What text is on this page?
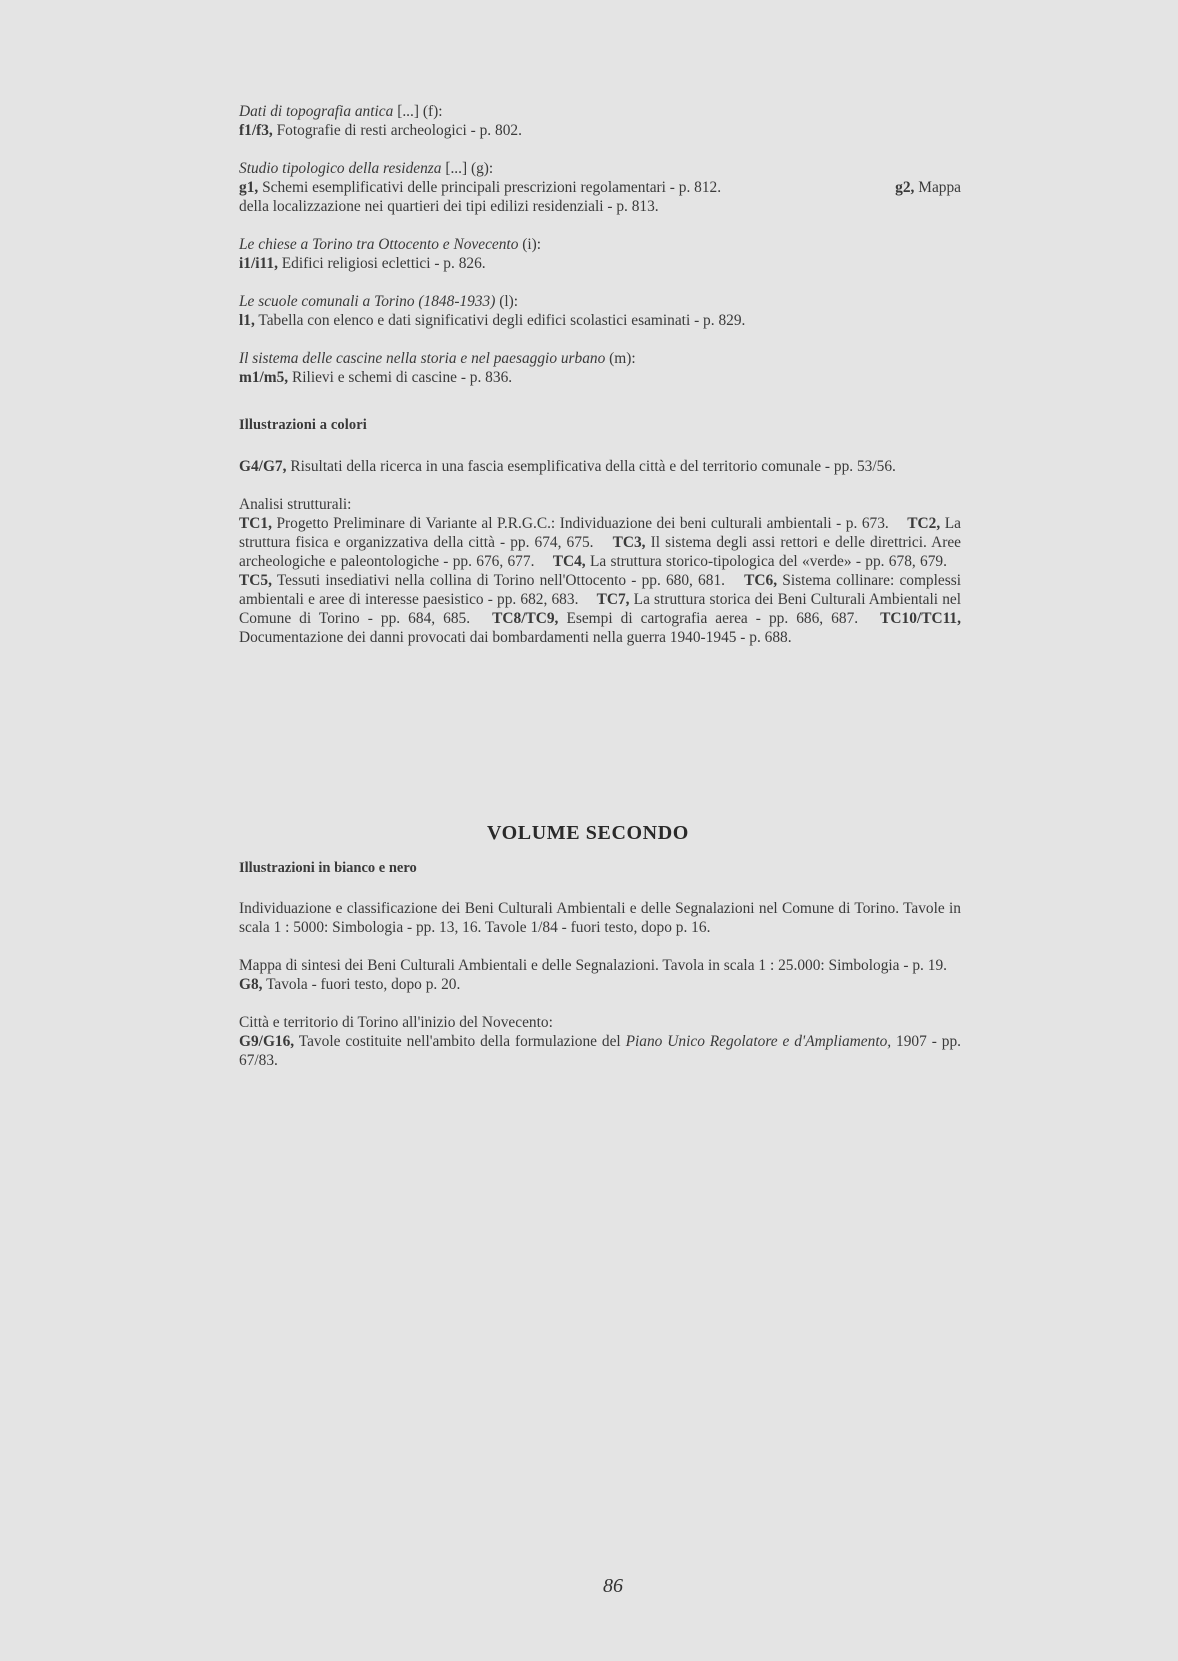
Dati di topografia antica [...] (f):

f1/f3, Fotografie di resti archeologici - p. 802.

Studio tipologico della residenza [...] (g):

g2, Mappa
g1, Schemi esemplificativi delle principali prescrizioni regolamentari - p. 812.

della localizzazione nei quartieri dei tipi edilizi residenziali - p. 813.

Le chiese a Torino tra Ottocento e Novecento (i):

i1/i11, Edifici religiosi eclettici - p. 826.

Le scuole comunali a Torino (1848-1933) (l):

l1, Tabella con elenco e dati significativi degli edifici scolastici esaminati - p. 829.

Il sistema delle cascine nella storia e nel paesaggio urbano (m):

m1/m5, Rilievi e schemi di cascine - p. 836.

Illustrazioni a colori

G4/G7, Risultati della ricerca in una fascia esemplificativa della città e del territorio comunale - pp. 53/56.

Analisi strutturali:

TC1, Progetto Preliminare di Variante al P.R.G.C.: Individuazione dei beni culturali ambientali - p. 673. TC2, La struttura fisica e organizzativa della città - pp. 674, 675. TC3, Il sistema degli assi rettori e delle direttrici. Aree archeologiche e paleontologiche - pp. 676, 677. TC4, La struttura storico-tipologica del «verde» - pp. 678, 679. TC5, Tessuti insediativi nella collina di Torino nell'Ottocento - pp. 680, 681. TC6, Sistema collinare: complessi ambientali e aree di interesse paesistico - pp. 682, 683. TC7, La struttura storica dei Beni Culturali Ambientali nel Comune di Torino - pp. 684, 685. TC8/TC9, Esempi di cartografia aerea - pp. 686, 687. TC10/TC11, Documentazione dei danni provocati dai bombardamenti nella guerra 1940-1945 - p. 688.

VOLUME SECONDO
Illustrazioni in bianco e nero

Individuazione e classificazione dei Beni Culturali Ambientali e delle Segnalazioni nel Comune di Torino. Tavole in scala 1 : 5000: Simbologia - pp. 13, 16. Tavole 1/84 - fuori testo, dopo p. 16.

Mappa di sintesi dei Beni Culturali Ambientali e delle Segnalazioni. Tavola in scala 1 : 25.000: Simbologia - p. 19.G8, Tavola - fuori testo, dopo p. 20.

Città e territorio di Torino all'inizio del Novecento:

G9/G16, Tavole costituite nell'ambito della formulazione del Piano Unico Regolatore e d'Ampliamento, 1907 - pp. 67/83.

86
